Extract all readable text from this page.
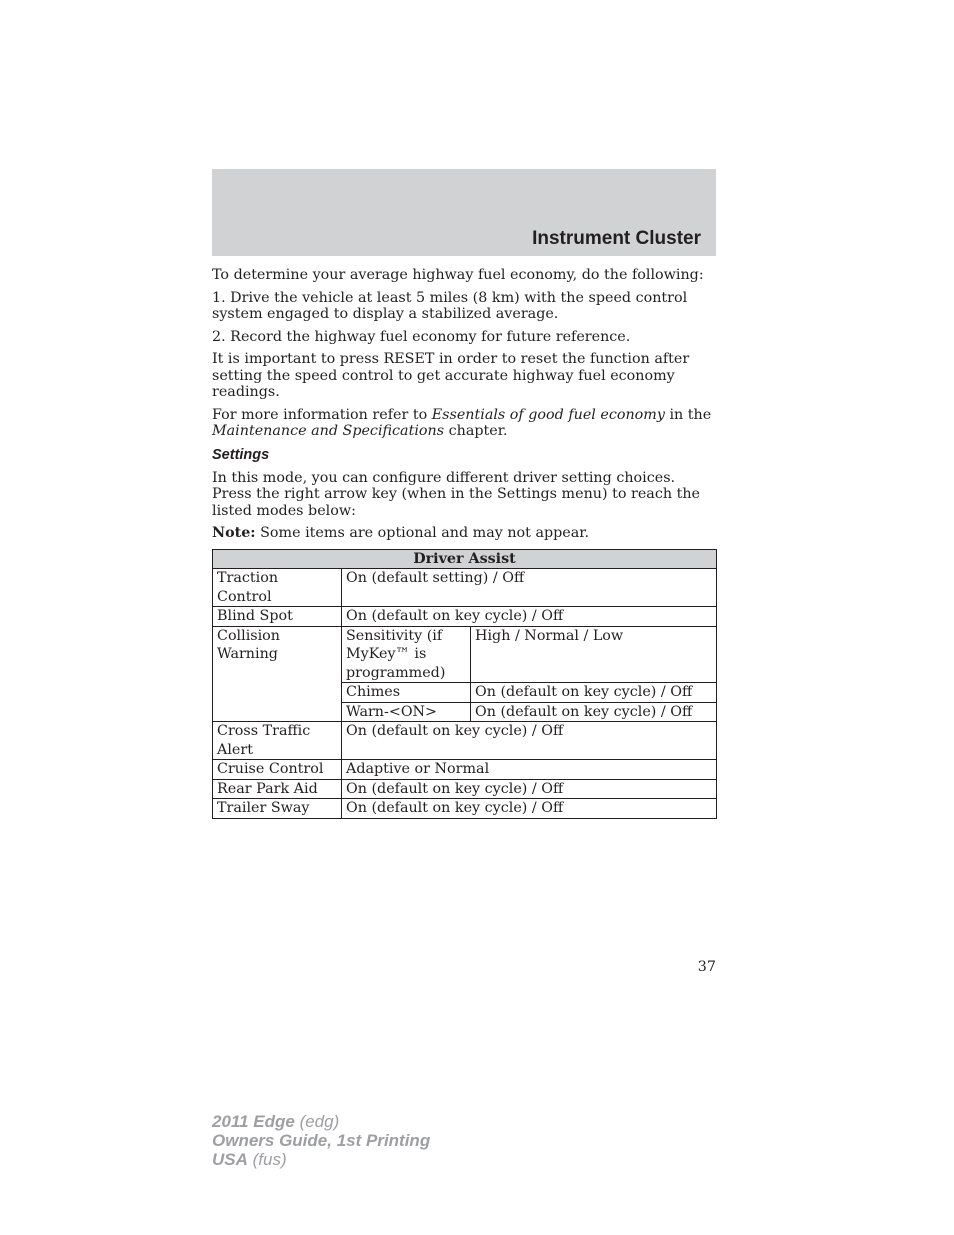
Instrument Cluster

To determine your average highway fuel economy, do the following:

1. Drive the vehicle at least 5 miles (8 km) with the speed control system engaged to display a stabilized average.

2. Record the highway fuel economy for future reference.

It is important to press RESET in order to reset the function after setting the speed control to get accurate highway fuel economy readings.

For more information refer to Essentials of good fuel economy in the Maintenance and Specifications chapter.

Settings

In this mode, you can configure different driver setting choices. Press the right arrow key (when in the Settings menu) to reach the listed modes below:

Note: Some items are optional and may not appear.

Driver Assist		
Traction Control	On (default setting) / Off	
Blind Spot	On (default on key cycle) / Off	
Collision Warning	Sensitivity (if MyKey™ is programmed)	High / Normal / Low
	Chimes	On (default on key cycle) / Off
	Warn-<ON>	On (default on key cycle) / Off
Cross Traffic Alert	On (default on key cycle) / Off	
Cruise Control	Adaptive or Normal	
Rear Park Aid	On (default on key cycle) / Off	
Trailer Sway	On (default on key cycle) / Off	
37
2011 Edge (edg)
Owners Guide, 1st Printing
USA (fus)
